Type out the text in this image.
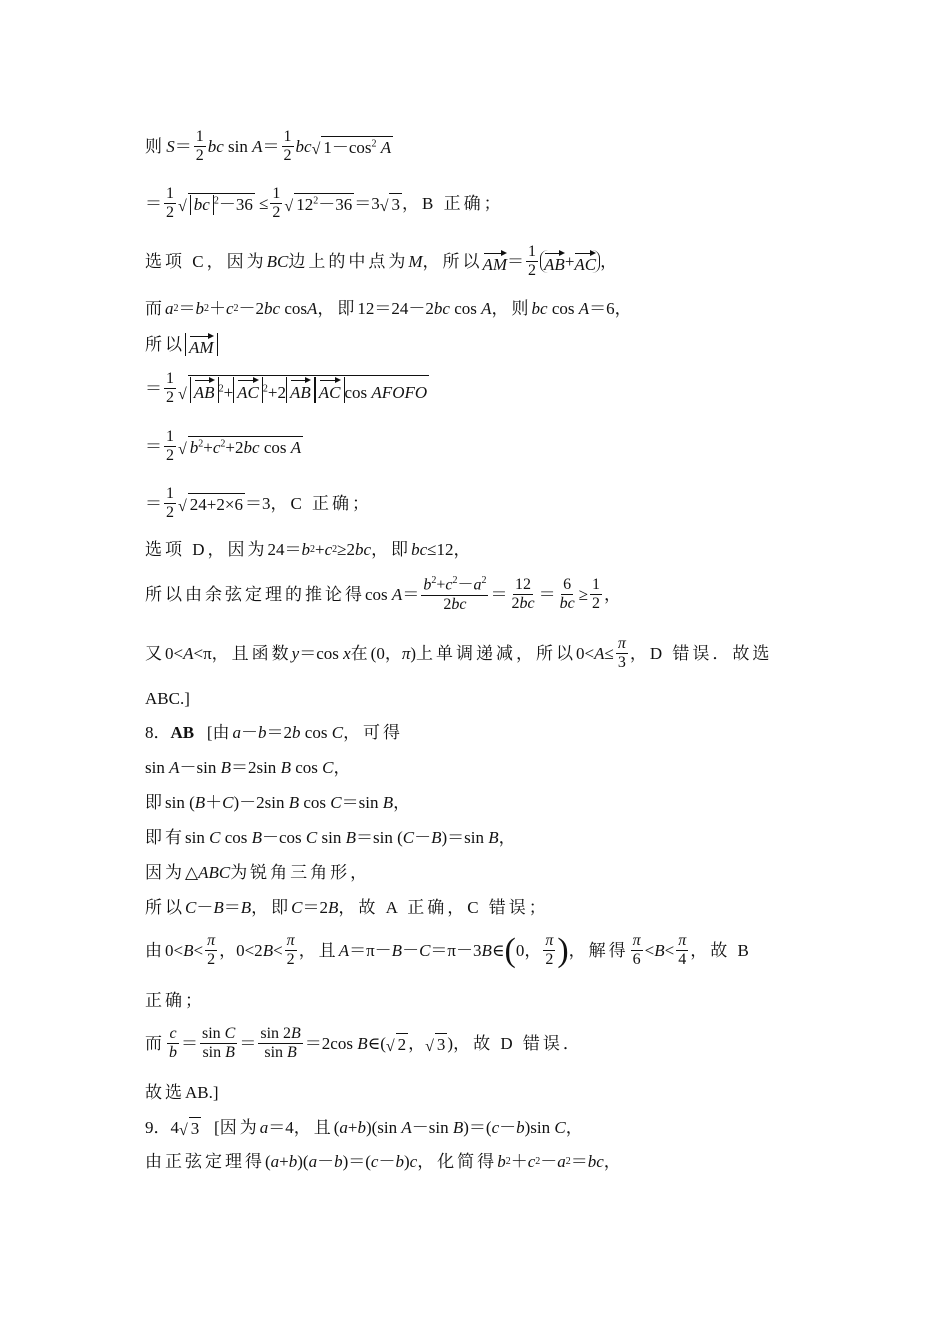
则 $S = \frac{1}{2}$ bc $\sin A = \frac{1}{2}$ bc √ $1-\cos^2$ A
＝ $\frac{1}{2}$ √ bc $^2-36 \le \frac{1}{2}$ √ $12^2-36 =3$ √ 3 ，B 正确；
选项 C，因为 BC 边上的中点为 M ，所以 AM ＝ $\frac{1}{2}$ AB + AC ，
而 a 2 ＝ b 2 ＋ c 2 －2 bc cos A ，即 12＝24－2 bc cos A ，则 bc cos A ＝6，
所以 AM
＝ $\frac{1}{2}$ √ AB $^2$+ AC $^2$+2 AB AC cos AFOFO
＝ $\frac{1}{2}$ √ $b^2+c^2+2bc$ cos A
＝ $\frac{1}{2}$ √ 24+2×6 ＝3 ，C 正确；
选项 D，因为 24＝ b 2 + c 2 ≥2 bc ，即 bc ≤12，
所以由余弦定理的推论得 $\cos A = \frac{b^2+c^2-a^2}{2bc} = \frac{12}{2bc} = \frac{6}{bc} \ge \frac{1}{2}$ ，
又 0< A <π ，且函数 y ＝cos x 在 (0， π ) 上单调递减，所以 $0< A \le \frac{\pi}{3}$ ，D 错误．故选
ABC.]
8． AB [ 由 a － b ＝2 b cos C ，可得
sin A －sin B ＝2sin B cos C ，
即 sin ( B ＋ C )－2sin B cos C ＝sin B ，
即有 sin C cos B －cos C sin B ＝sin ( C － B )＝sin B ，
因为 △ ABC 为锐角三角形，
所以 C － B ＝ B ，即 C ＝2 B ，故 A 正确，C 错误；
由 $0< B < \frac{\pi}{2}$ ，0<2 $B < \frac{\pi}{2}$ ，且 A ＝π－ B － C ＝π－3 B ∈ ( 0， $\frac{\pi}{2}$ ) ，解得 $\frac{\pi}{6} < B < \frac{\pi}{4}$ ，故 B
正确；
而 $\frac{c}{b} = \frac{\text{sin C}}{\text{sin B}} = \frac{\sin 2B}{\text{sin B}} =2\cos$ B ∈( √ 2 ， √ 3 ) ，故 D 错误．
故选 AB.]
9．4 √ 3 [ 因为 a ＝4 ，且 ( a + b )(sin A －sin B )＝( c － b )sin C ，
由正弦定理得 ( a + b )( a － b )＝( c － b ) c ，化简得 b 2 ＋ c 2 － a 2 ＝ bc ，
